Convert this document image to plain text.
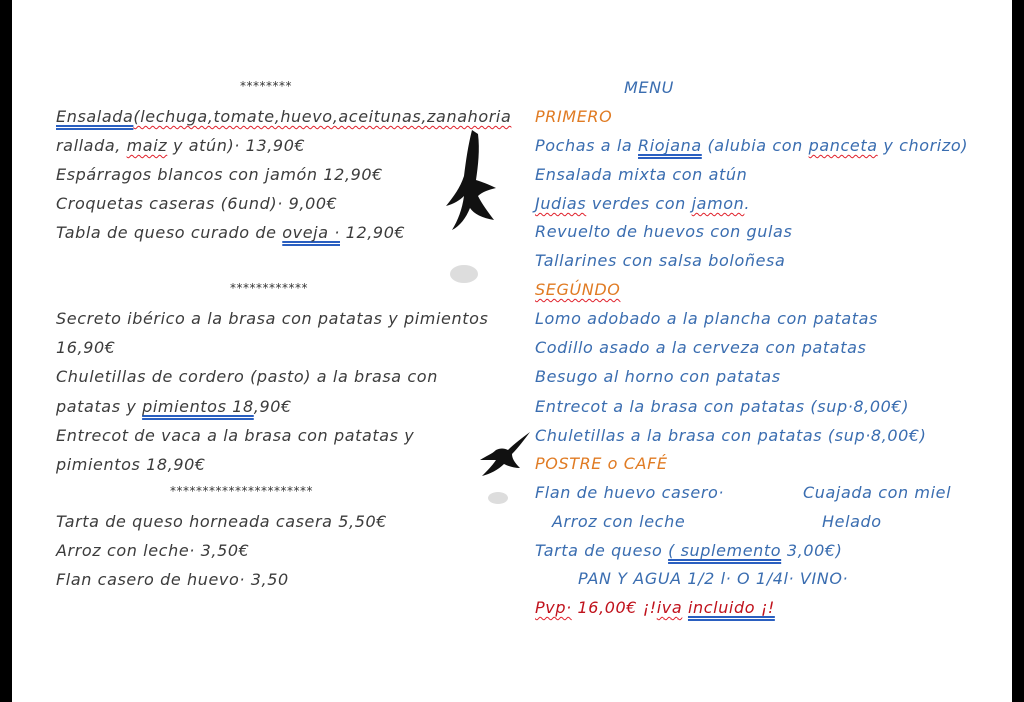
********
Ensalada(lechuga,tomate,huevo,aceitunas,zanahoria
rallada, maiz y atún)· 13,90€
Espárragos blancos con jamón 12,90€
Croquetas caseras (6und)· 9,00€
Tabla de queso curado de oveja · 12,90€
************
Secreto ibérico a la brasa con patatas y pimientos
16,90€
Chuletillas de cordero (pasto) a la brasa con
patatas y pimientos 18,90€
Entrecot de vaca a la brasa con patatas y
pimientos 18,90€
**********************
Tarta de queso horneada casera 5,50€
Arroz con leche· 3,50€
Flan casero de huevo· 3,50
MENU
PRIMERO
Pochas a la Riojana (alubia con panceta y chorizo)
Ensalada mixta con atún
Judias verdes con jamon.
Revuelto de huevos con gulas
Tallarines con salsa boloñesa
SEGÚNDO
Lomo adobado a la plancha con patatas
Codillo asado a la cerveza con patatas
Besugo al horno con patatas
Entrecot a la brasa con patatas (sup·8,00€)
Chuletillas a la brasa con patatas (sup·8,00€)
POSTRE o CAFÉ
Flan de huevo casero·	Cuajada con miel
Arroz con leche	Helado
Tarta de queso ( suplemento 3,00€)
PAN Y AGUA 1/2 l· O 1/4l· VINO·
Pvp· 16,00€ ¡!iva incluido ¡!
